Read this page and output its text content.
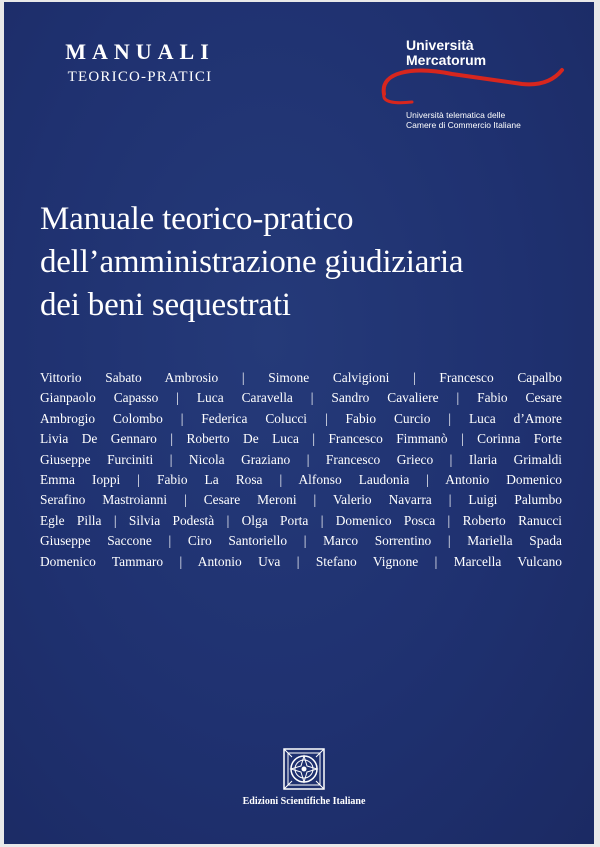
MANUALI
TEORICO-PRATICI
Università
Mercatorum
Università telematica delle
Camere di Commercio Italiane
Manuale teorico-pratico
dell’amministrazione giudiziaria
dei beni sequestrati
Vittorio Sabato Ambrosio | Simone Calvigioni | Francesco Capalbo
Gianpaolo Capasso | Luca Caravella | Sandro Cavaliere | Fabio Cesare
Ambrogio Colombo | Federica Colucci | Fabio Curcio | Luca d’Amore
Livia De Gennaro | Roberto De Luca | Francesco Fimmanò | Corinna Forte
Giuseppe Furciniti | Nicola Graziano | Francesco Grieco | Ilaria Grimaldi
Emma Ioppi | Fabio La Rosa | Alfonso Laudonia | Antonio Domenico
Serafino Mastroianni | Cesare Meroni | Valerio Navarra | Luigi Palumbo
Egle Pilla | Silvia Podestà | Olga Porta | Domenico Posca | Roberto Ranucci
Giuseppe Saccone | Ciro Santoriello | Marco Sorrentino | Mariella Spada
Domenico Tammaro | Antonio Uva | Stefano Vignone | Marcella Vulcano
Edizioni Scientifiche Italiane
